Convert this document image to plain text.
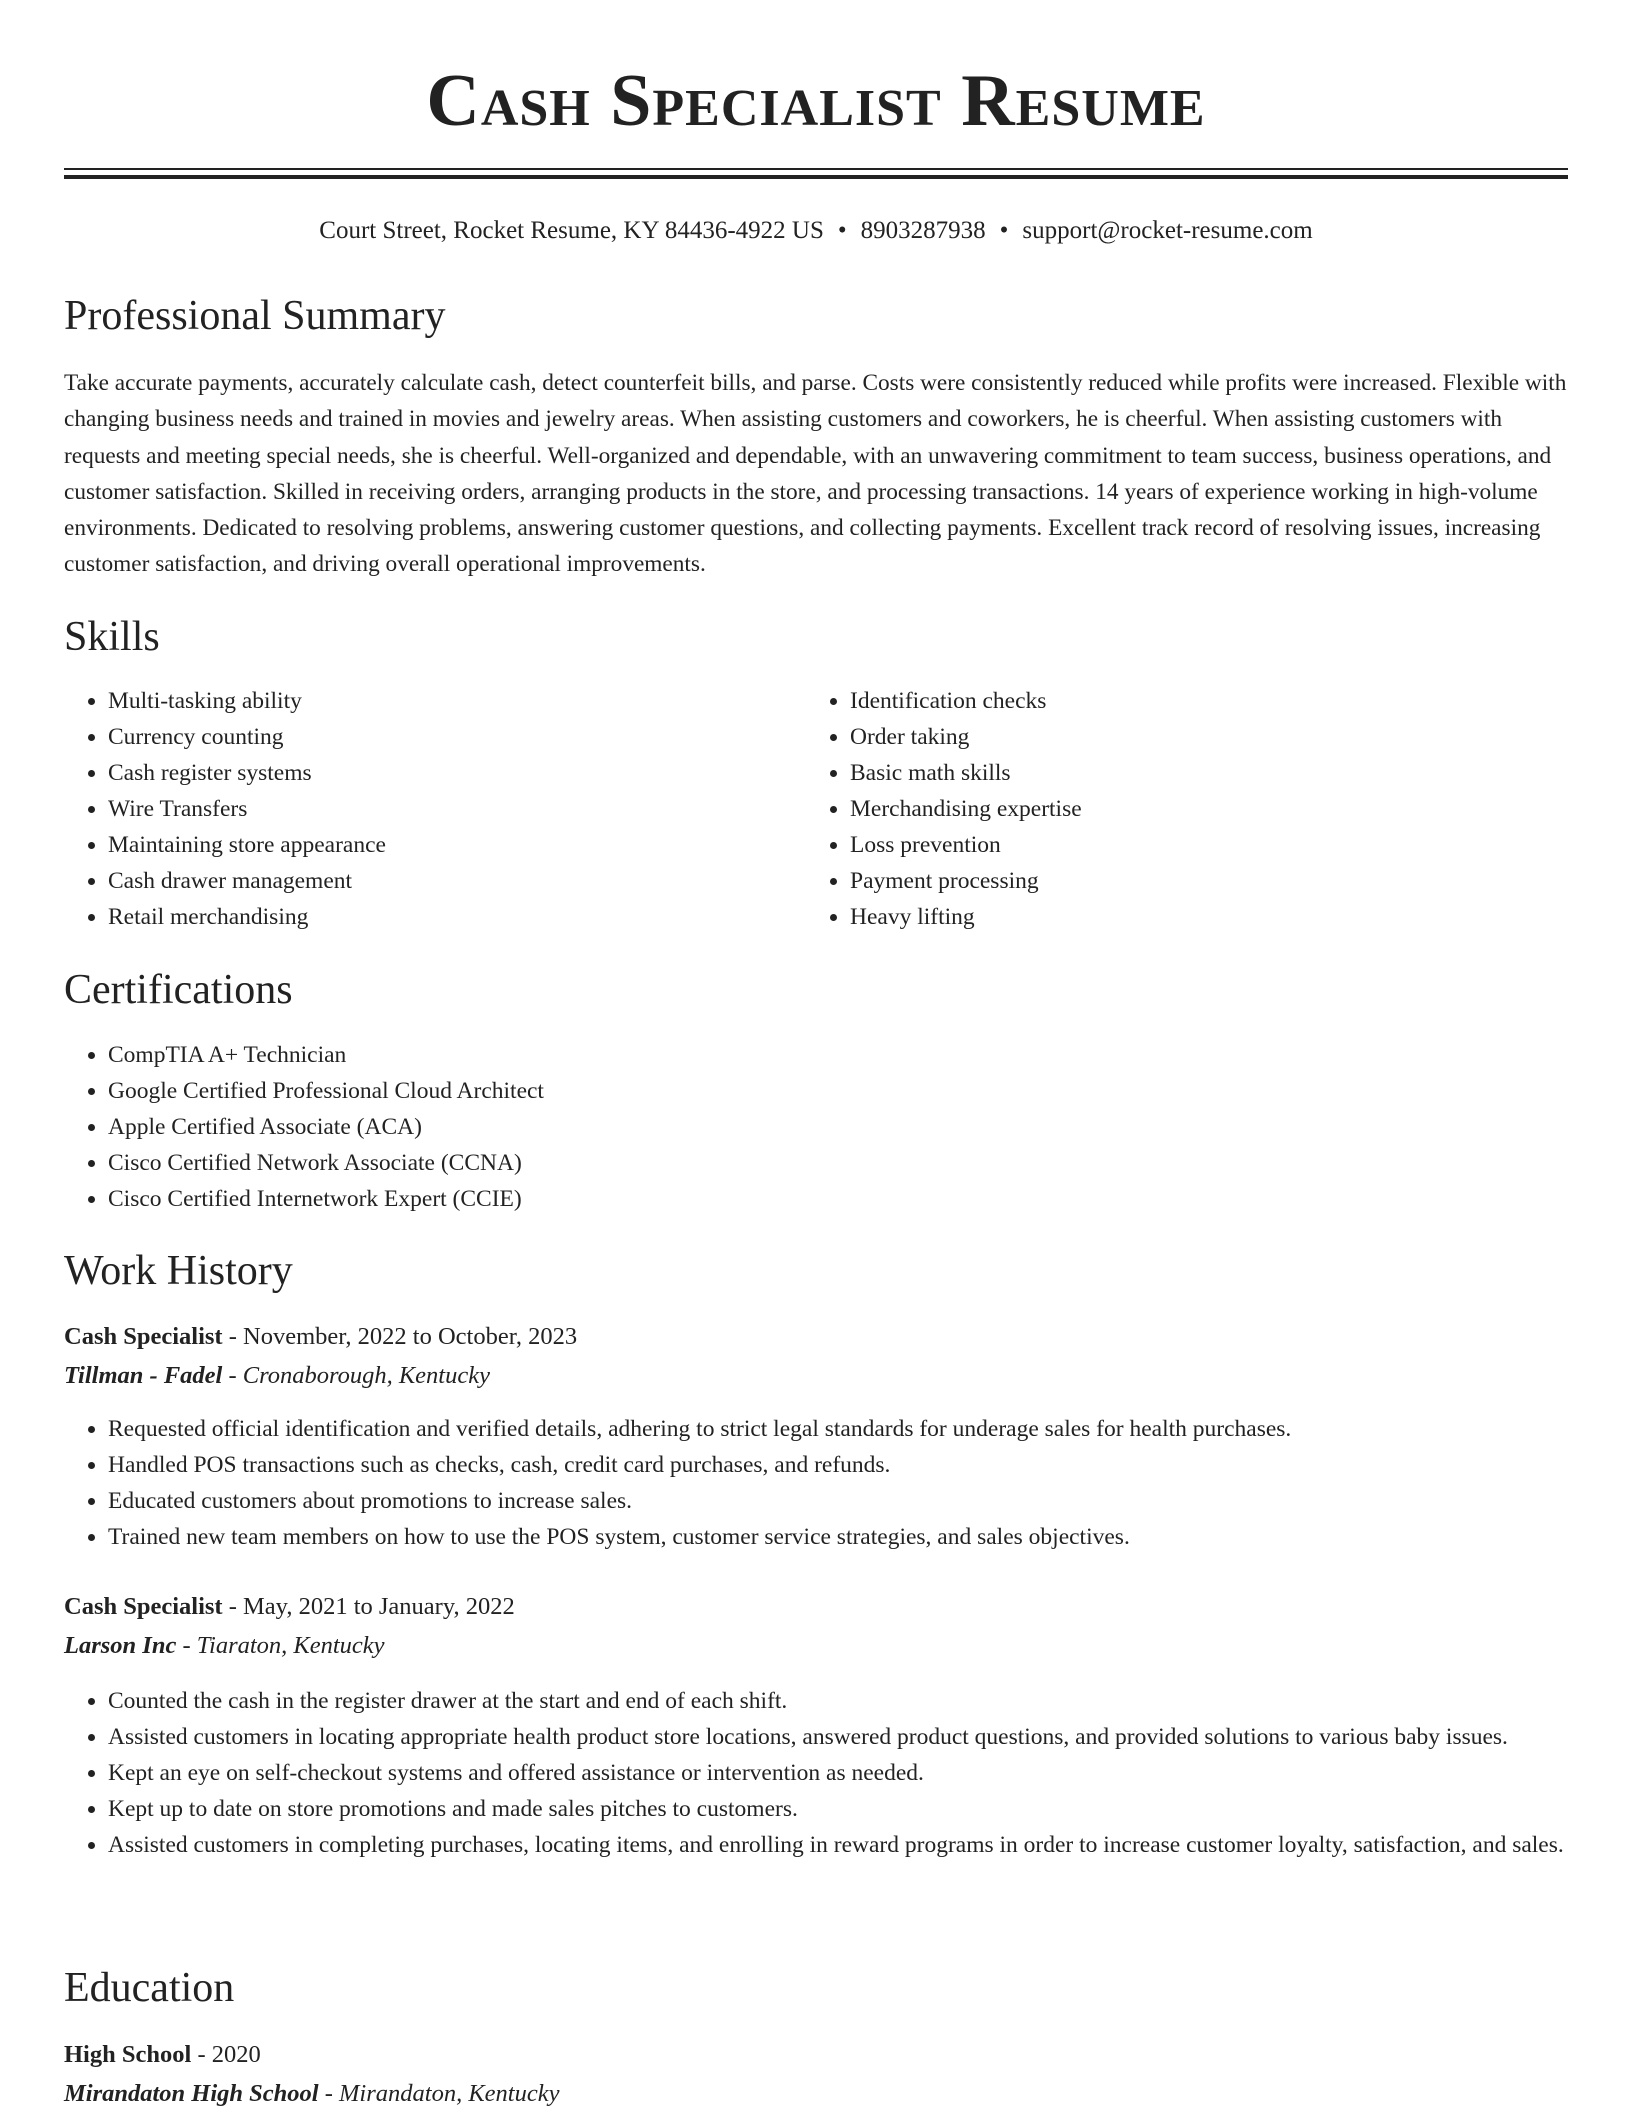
Cash Specialist Resume
Court Street, Rocket Resume, KY 84436-4922 US • 8903287938 • support@rocket-resume.com
Professional Summary

Take accurate payments, accurately calculate cash, detect counterfeit bills, and parse. Costs were consistently reduced while profits were increased. Flexible with changing business needs and trained in movies and jewelry areas. When assisting customers and coworkers, he is cheerful. When assisting customers with requests and meeting special needs, she is cheerful. Well-organized and dependable, with an unwavering commitment to team success, business operations, and customer satisfaction. Skilled in receiving orders, arranging products in the store, and processing transactions. 14 years of experience working in high-volume environments. Dedicated to resolving problems, answering customer questions, and collecting payments. Excellent track record of resolving issues, increasing customer satisfaction, and driving overall operational improvements.

Skills
• Multi-tasking ability
• Currency counting
• Cash register systems
• Wire Transfers
• Maintaining store appearance
• Cash drawer management
• Retail merchandising
• Identification checks
• Order taking
• Basic math skills
• Merchandising expertise
• Loss prevention
• Payment processing
• Heavy lifting
Certifications
• CompTIA A+ Technician
• Google Certified Professional Cloud Architect
• Apple Certified Associate (ACA)
• Cisco Certified Network Associate (CCNA)
• Cisco Certified Internetwork Expert (CCIE)
Work History
Cash Specialist - November, 2022 to October, 2023
Tillman - Fadel - Cronaborough, Kentucky
• Requested official identification and verified details, adhering to strict legal standards for underage sales for health purchases.
• Handled POS transactions such as checks, cash, credit card purchases, and refunds.
• Educated customers about promotions to increase sales.
• Trained new team members on how to use the POS system, customer service strategies, and sales objectives.
Cash Specialist - May, 2021 to January, 2022
Larson Inc - Tiaraton, Kentucky
• Counted the cash in the register drawer at the start and end of each shift.
• Assisted customers in locating appropriate health product store locations, answered product questions, and provided solutions to various baby issues.
• Kept an eye on self-checkout systems and offered assistance or intervention as needed.
• Kept up to date on store promotions and made sales pitches to customers.
• Assisted customers in completing purchases, locating items, and enrolling in reward programs in order to increase customer loyalty, satisfaction, and sales.
Education
High School - 2020
Mirandaton High School - Mirandaton, Kentucky
